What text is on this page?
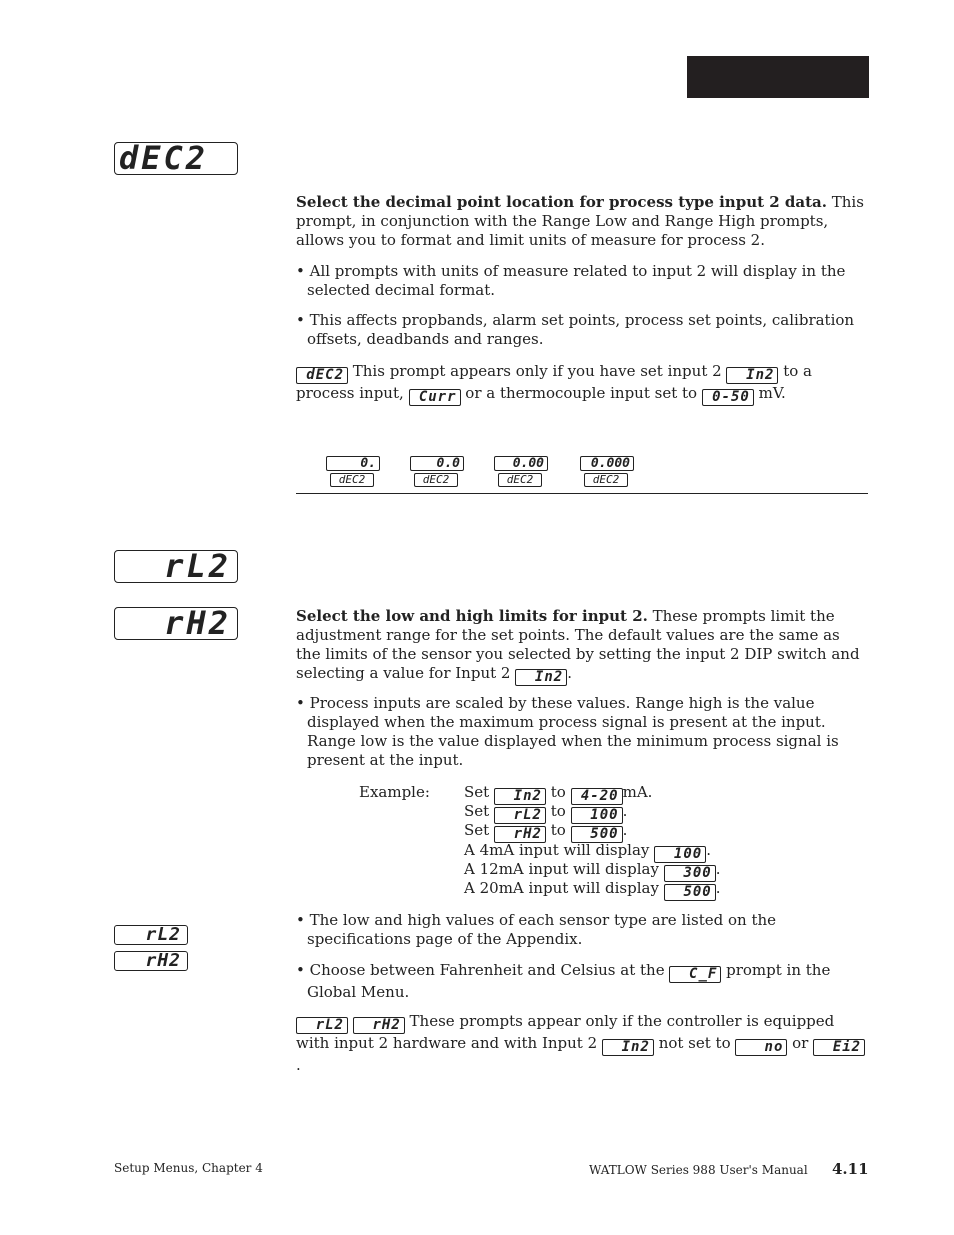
dEC2
rL2
rH2
rL2
rH2

Select the decimal point location for process type input 2 data. This prompt, in conjunction with the Range Low and Range High prompts, allows you to format and limit units of measure for process 2.

• All prompts with units of measure related to input 2 will display in the selected decimal format.

• This affects propbands, alarm set points, process set points, calibration offsets, deadbands and ranges.

dEC2 This prompt appears only if you have set input 2 In2 to a process input, Curr or a thermocouple input set to 0-50 mV.

0.
dEC2
0.0
dEC2
0.00
dEC2
0.000
dEC2

Select the low and high limits for input 2. These prompts limit the adjustment range for the set points. The default values are the same as the limits of the sensor you selected by setting the input 2 DIP switch and selecting a value for Input 2 In2 .

• Process inputs are scaled by these values. Range high is the value displayed when the maximum process signal is present at the input. Range low is the value displayed when the minimum process signal is present at the input.

Example: Set In2 to 4-20 mA.
Set rL2 to 100 .
Set rH2 to 500 .
A 4mA input will display 100 .
A 12mA input will display 300 .
A 20mA input will display 500 .

• The low and high values of each sensor type are listed on the specifications page of the Appendix.

• Choose between Fahrenheit and Celsius at the C_F prompt in the Global Menu.

rL2 rH2 These prompts appear only if the controller is equipped with input 2 hardware and with Input 2 In2 not set to no or Ei2.

Setup Menus, Chapter 4	WATLOW Series 988 User's Manual 4.11
